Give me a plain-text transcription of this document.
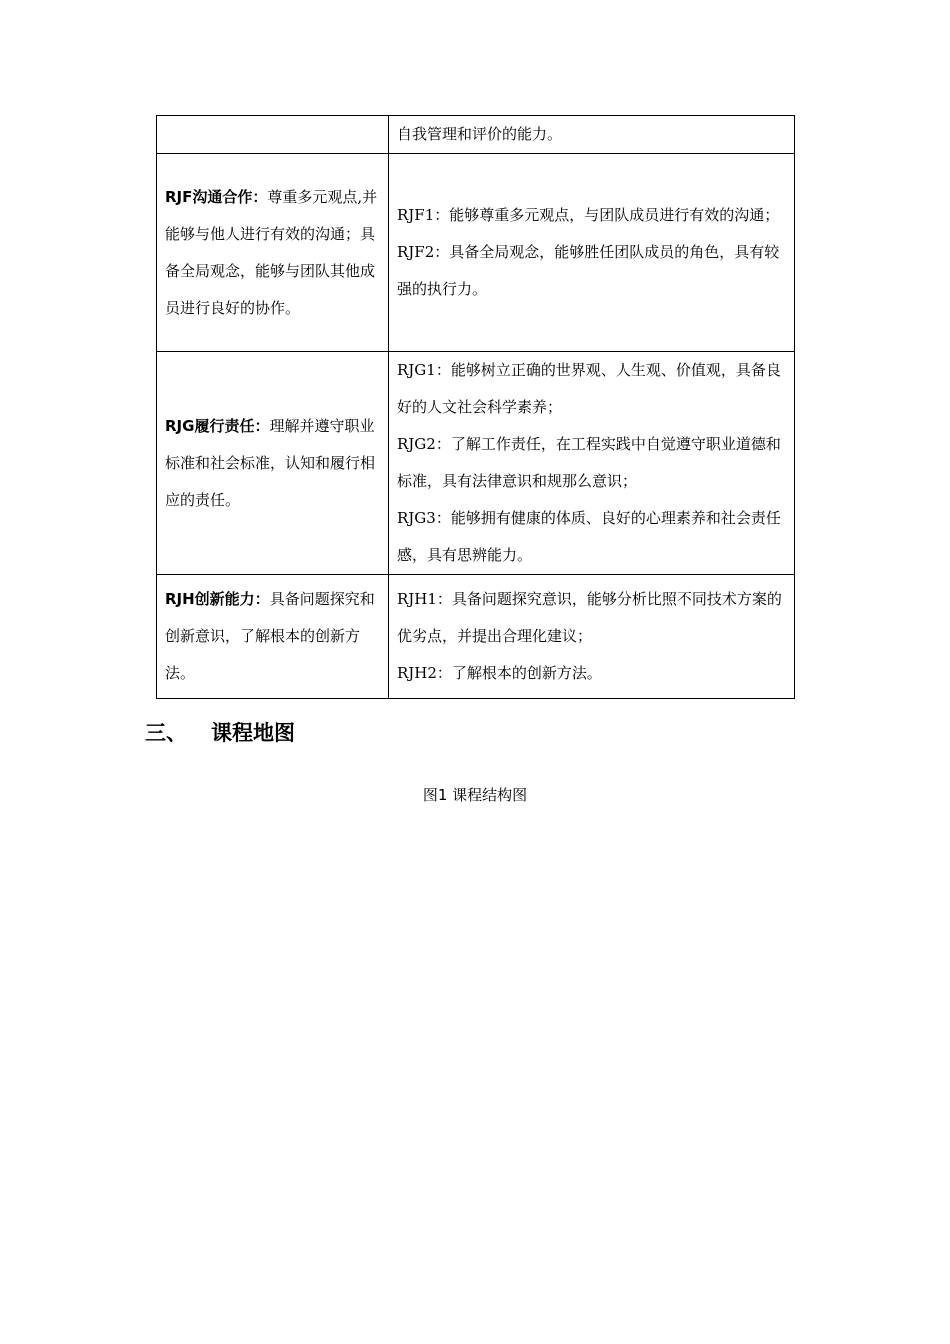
	自我管理和评价的能力。

RJF沟通合作：尊重多元观点,并能够与他人进行有效的沟通；具备全局观念，能够与团队其他成员进行良好的协作。	RJF1：能够尊重多元观点，与团队成员进行有效的沟通；
RJF2：具备全局观念，能够胜任团队成员的角色，具有较强的执行力。

RJG履行责任：理解并遵守职业标准和社会标准，认知和履行相应的责任。	RJG1：能够树立正确的世界观、人生观、价值观，具备良好的人文社会科学素养；
RJG2：了解工作责任，在工程实践中自觉遵守职业道德和标准，具有法律意识和规那么意识；
RJG3：能够拥有健康的体质、良好的心理素养和社会责任感，具有思辨能力。

RJH创新能力：具备问题探究和创新意识，了解根本的创新方法。	RJH1：具备问题探究意识，能够分析比照不同技术方案的优劣点，并提出合理化建议；
RJH2：了解根本的创新方法。
三、 课程地图
图1 课程结构图
